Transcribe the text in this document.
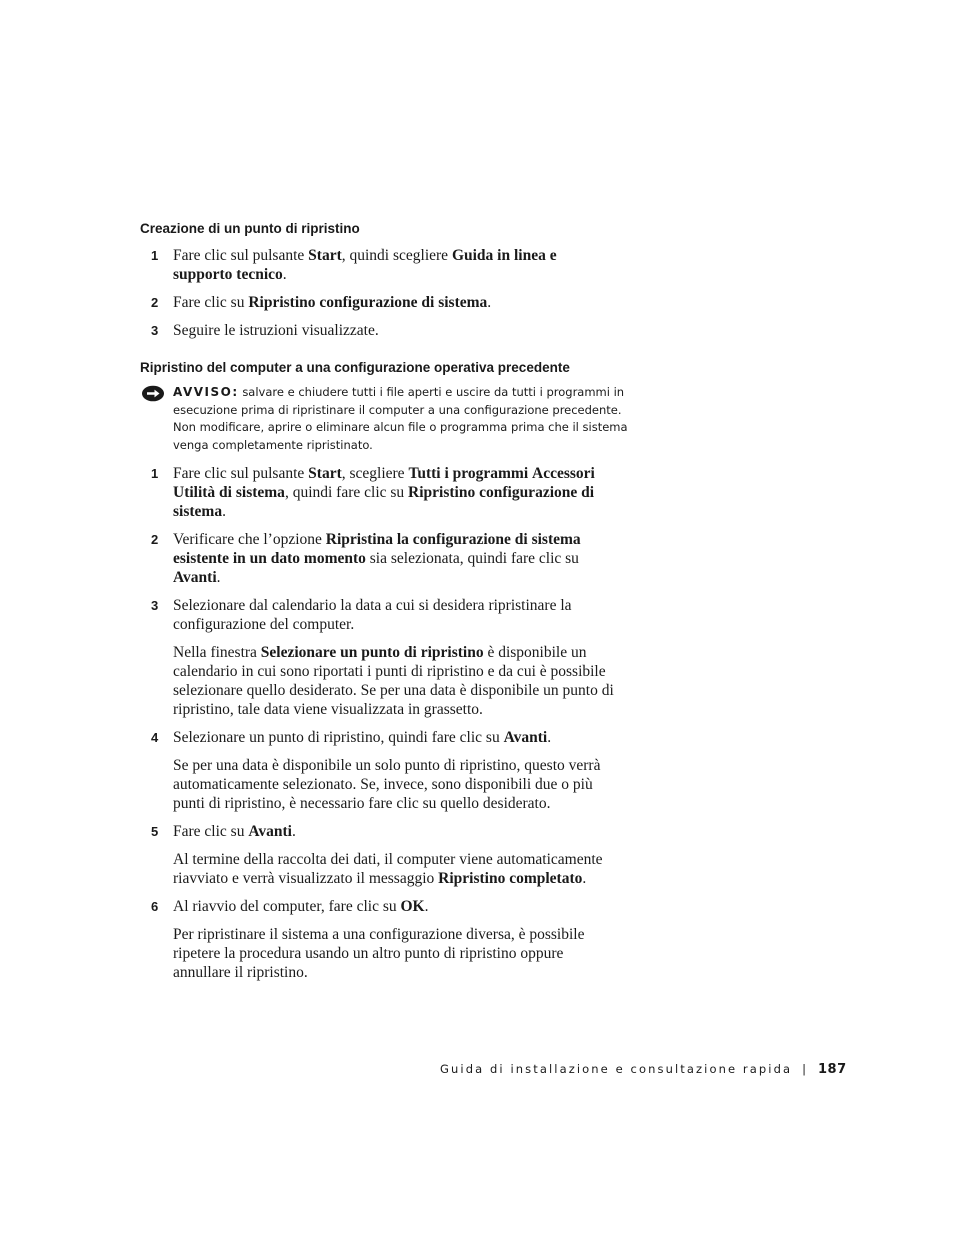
Creazione di un punto di ripristino
1 Fare clic sul pulsante Start, quindi scegliere Guida in linea e supporto tecnico.
2 Fare clic su Ripristino configurazione di sistema.
3 Seguire le istruzioni visualizzate.
Ripristino del computer a una configurazione operativa precedente
AVVISO: salvare e chiudere tutti i file aperti e uscire da tutti i programmi in esecuzione prima di ripristinare il computer a una configurazione precedente. Non modificare, aprire o eliminare alcun file o programma prima che il sistema venga completamente ripristinato.
1 Fare clic sul pulsante Start, scegliere Tutti i programmi Accessori Utilità di sistema, quindi fare clic su Ripristino configurazione di sistema.
2 Verificare che l’opzione Ripristina la configurazione di sistema esistente in un dato momento sia selezionata, quindi fare clic su Avanti.
3 Selezionare dal calendario la data a cui si desidera ripristinare la configurazione del computer.
Nella finestra Selezionare un punto di ripristino è disponibile un calendario in cui sono riportati i punti di ripristino e da cui è possibile selezionare quello desiderato. Se per una data è disponibile un punto di ripristino, tale data viene visualizzata in grassetto.
4 Selezionare un punto di ripristino, quindi fare clic su Avanti.
Se per una data è disponibile un solo punto di ripristino, questo verrà automaticamente selezionato. Se, invece, sono disponibili due o più punti di ripristino, è necessario fare clic su quello desiderato.
5 Fare clic su Avanti.
Al termine della raccolta dei dati, il computer viene automaticamente riavviato e verrà visualizzato il messaggio Ripristino completato.
6 Al riavvio del computer, fare clic su OK.
Per ripristinare il sistema a una configurazione diversa, è possibile ripetere la procedura usando un altro punto di ripristino oppure annullare il ripristino.
Guida di installazione e consultazione rapida | 187
